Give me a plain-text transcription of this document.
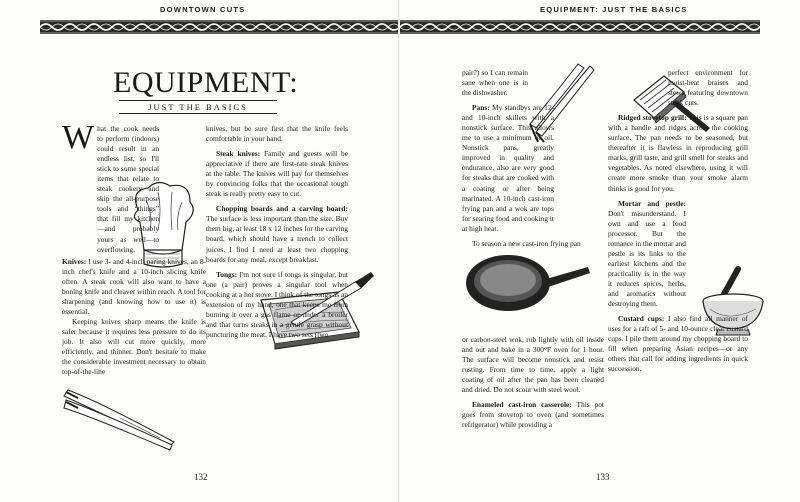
DOWNTOWN CUTS
EQUIPMENT:
JUST THE BASICS

W hat the cook needs to perform (indoors) could result in an endless list, so I'll stick to some special items that relate to steak cookery and skip the all-purpose tools and “things” that fill my kitchen—and probably yours as well—to overflowing.

Knives: I use 3- and 4-inch paring knives, an 8-inch chef's knife and a 10-inch slicing knife often. A steak cook will also want to have a boning knife and cleaver within reach. A tool for sharpening (and knowing how to use it) is essential.

Keeping knives sharp means the knife is safer because it requires less pressure to do its job. It also will cut more quickly, more efficiently, and thinner. Don't hesitate to make the considerable investment necessary to obtain top-of-the-line

knives, but be sure first that the knife feels comfortable in your hand.

Steak knives: Family and guests will be appreciative if there are first-rate steak knives at the table. The knives will pay for themselves by convincing folks that the occasional tough steak is really pretty easy to cut.

Chopping boards and a carving board: The surface is less important than the size. Buy them big, at least 18 x 12 inches for the carving board, which should have a trench to collect juices. I find I need at least two chopping boards for any meal, except breakfast.

Tongs: I'm not sure if tongs is singular, but one (a pair) proves a singular tool when cooking at a hot stove. I think of the tongs as an extension of my hand, one that keeps me from burning it over a gas flame or under a broiler and that turns steaks in a gentle grasp without puncturing the meat. I have two sets (two

132
EQUIPMENT: JUST THE BASICS

pair?) so I can remain sane when one is in the dishwasher.

Pans: My standbys are 12- and 10-inch skillets with a nonstick surface. This allows me to use a minimum of oil. Nonstick pans, greatly improved in quality and endurance, also are very good for steaks that are cooked with a coating or after being marinated. A 10-inch cast-iron frying pan and a wok are tops for searing food and cooking it at high heat.

To season a new cast-iron frying pan

or carbon-steel wok, rub lightly with oil inside and out and bake in a 300°F oven for 1 hour. The surface will become nonstick and resist rusting. From time to time, apply a light coating of oil after the pan has been cleaned and dried. Do not scour with steel wool.

Enameled cast-iron casserole: This pot goes from stovetop to oven (and sometimes refrigerator) while providing a

perfect environment for moist-heat braises and stews featuring downtown steak cuts.

Ridged stovetop grill: This is a square pan with a handle and ridges across the cooking surface. The pan needs to be seasoned, but thereafter it is flawless in reproducing grill marks, grill taste, and grill smell for steaks and vegetables. As noted elsewhere, using it will create more smoke than your smoke alarm thinks is good for you.

Mortar and pestle: Don't misunderstand. I own and use a food processor. But the romance in the mortar and pestle is its links to the earliest kitchens and the practicality is in the way it reduces spices, herbs, and aromatics without destroying them.

Custard cups: I also find all manner of uses for a raft of 5- and 10-ounce clear custard cups. I pile them around my chopping board to fill when preparing Asian recipes—or any others that call for adding ingredients in quick succession.

133
